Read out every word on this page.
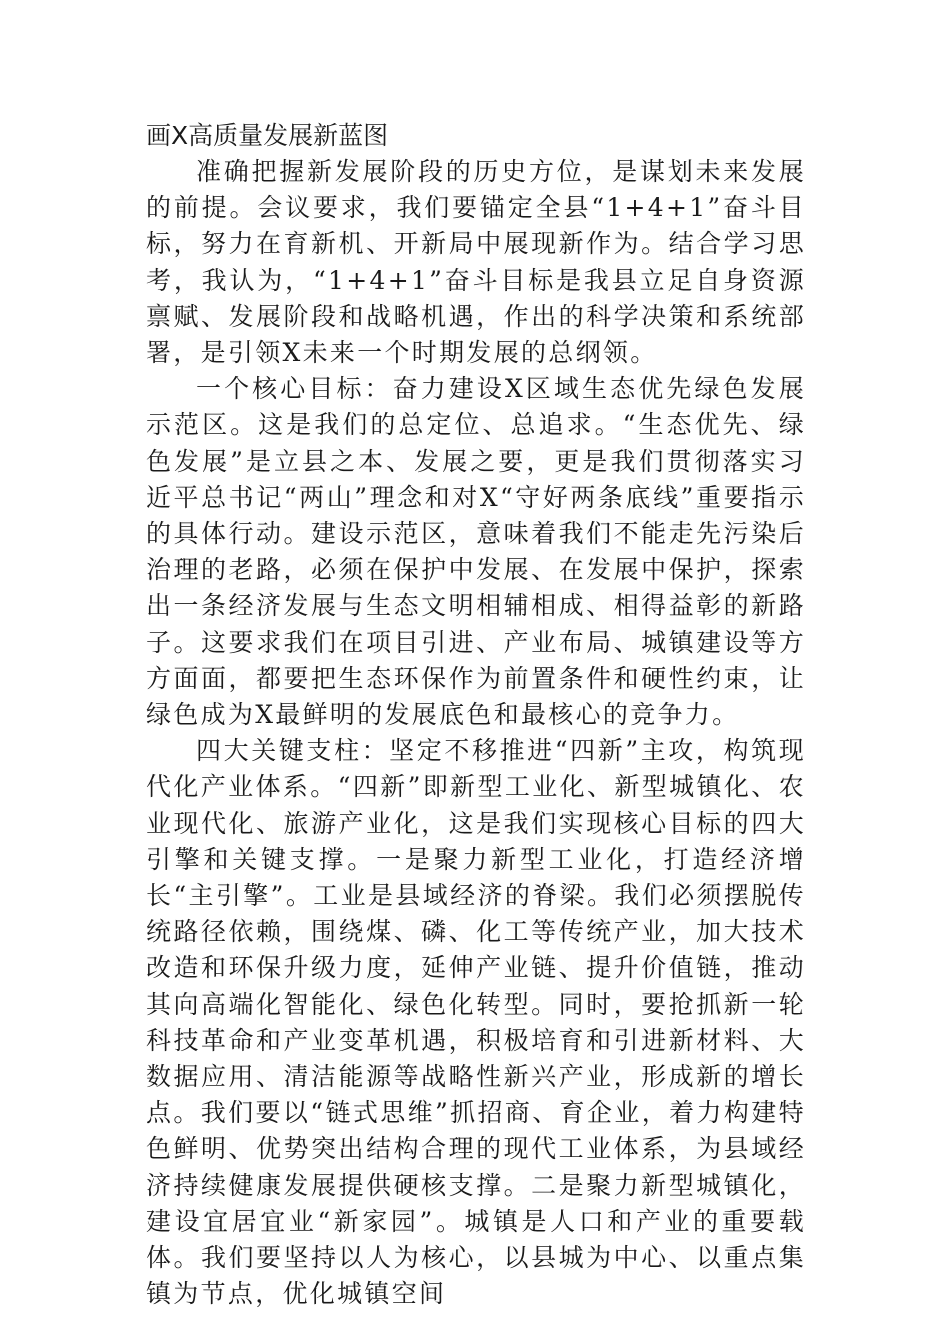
画X高质量发展新蓝图

准确把握新发展阶段的历史方位，是谋划未来发展的前提。会议要求，我们要锚定全县“1+4+1”奋斗目标，努力在育新机、开新局中展现新作为。结合学习思考，我认为，“1+4+1”奋斗目标是我县立足自身资源禀赋、发展阶段和战略机遇，作出的科学决策和系统部署，是引领X未来一个时期发展的总纲领。

一个核心目标：奋力建设X区域生态优先绿色发展示范区。这是我们的总定位、总追求。“生态优先、绿色发展”是立县之本、发展之要，更是我们贯彻落实习近平总书记“两山”理念和对X“守好两条底线”重要指示的具体行动。建设示范区，意味着我们不能走先污染后治理的老路，必须在保护中发展、在发展中保护，探索出一条经济发展与生态文明相辅相成、相得益彰的新路子。这要求我们在项目引进、产业布局、城镇建设等方方面面，都要把生态环保作为前置条件和硬性约束，让绿色成为X最鲜明的发展底色和最核心的竞争力。

四大关键支柱：坚定不移推进“四新”主攻，构筑现代化产业体系。“四新”即新型工业化、新型城镇化、农业现代化、旅游产业化，这是我们实现核心目标的四大引擎和关键支撑。一是聚力新型工业化，打造经济增长“主引擎”。工业是县域经济的脊梁。我们必须摆脱传统路径依赖，围绕煤、磷、化工等传统产业，加大技术改造和环保升级力度，延伸产业链、提升价值链，推动其向高端化智能化、绿色化转型。同时，要抢抓新一轮科技革命和产业变革机遇，积极培育和引进新材料、大数据应用、清洁能源等战略性新兴产业，形成新的增长点。我们要以“链式思维”抓招商、育企业，着力构建特色鲜明、优势突出结构合理的现代工业体系，为县域经济持续健康发展提供硬核支撑。二是聚力新型城镇化，建设宜居宜业“新家园”。城镇是人口和产业的重要载体。我们要坚持以人为核心，以县城为中心、以重点集镇为节点，优化城镇空间
